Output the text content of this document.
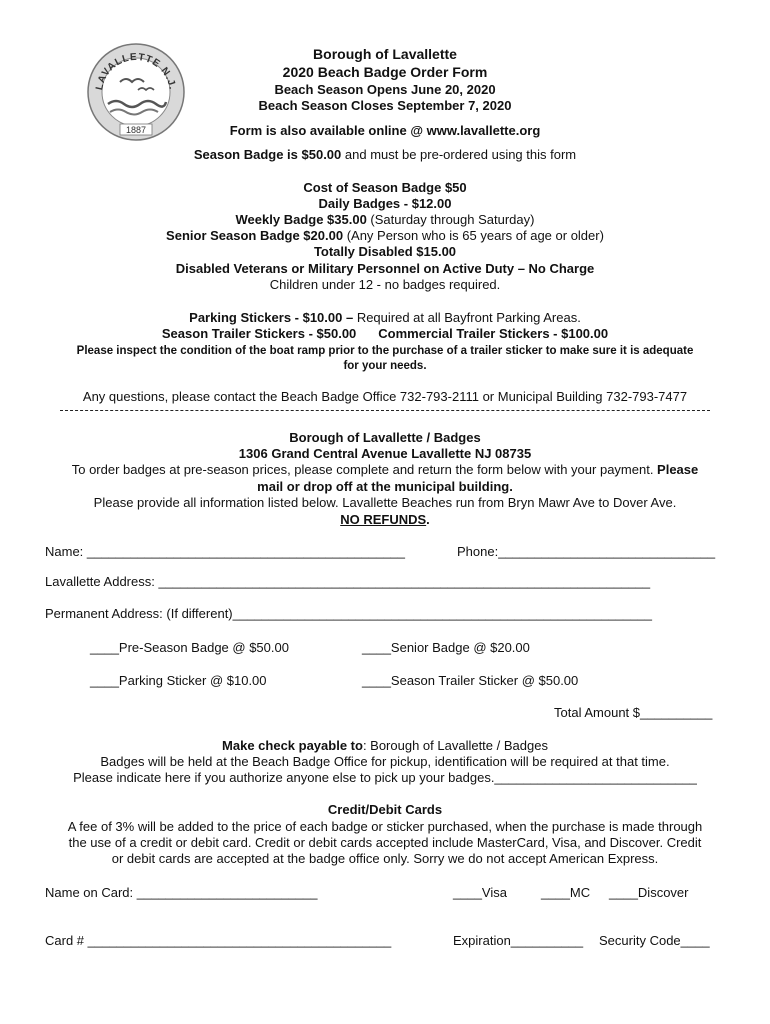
LAVALLETTE N.J.
1887
Borough of Lavallette
2020 Beach Badge Order Form
Beach Season Opens June 20, 2020
Beach Season Closes September 7, 2020
Form is also available online @ www.lavallette.org
Season Badge is $50.00 and must be pre-ordered using this form
Cost of Season Badge $50
Daily Badges - $12.00
Weekly Badge $35.00 (Saturday through Saturday)
Senior Season Badge $20.00 (Any Person who is 65 years of age or older)
Totally Disabled $15.00
Disabled Veterans or Military Personnel on Active Duty – No Charge
Children under 12 - no badges required.
Parking Stickers - $10.00 – Required at all Bayfront Parking Areas.
Season Trailer Stickers - $50.00 Commercial Trailer Stickers - $100.00
Please inspect the condition of the boat ramp prior to the purchase of a trailer sticker to make sure it is adequate
for your needs.
Any questions, please contact the Beach Badge Office 732-793-2111 or Municipal Building 732-793-7477
Borough of Lavallette / Badges
1306 Grand Central Avenue Lavallette NJ 08735
To order badges at pre-season prices, please complete and return the form below with your payment. Please
mail or drop off at the municipal building.
Please provide all information listed below. Lavallette Beaches run from Bryn Mawr Ave to Dover Ave.
NO REFUNDS.
Name: ____________________________________________	Phone:______________________________
Lavallette Address: ____________________________________________________________________
Permanent Address: (If different)__________________________________________________________
____Pre-Season Badge @ $50.00	____Senior Badge @ $20.00
____Parking Sticker @ $10.00	____Season Trailer Sticker @ $50.00
Total Amount $__________
Make check payable to: Borough of Lavallette / Badges
Badges will be held at the Beach Badge Office for pickup, identification will be required at that time.
Please indicate here if you authorize anyone else to pick up your badges.____________________________
Credit/Debit Cards
A fee of 3% will be added to the price of each badge or sticker purchased, when the purchase is made through
the use of a credit or debit card. Credit or debit cards accepted include MasterCard, Visa, and Discover. Credit
or debit cards are accepted at the badge office only. Sorry we do not accept American Express.
Name on Card: _________________________	____Visa	____MC ____Discover
Card # __________________________________________	Expiration__________ Security Code____
